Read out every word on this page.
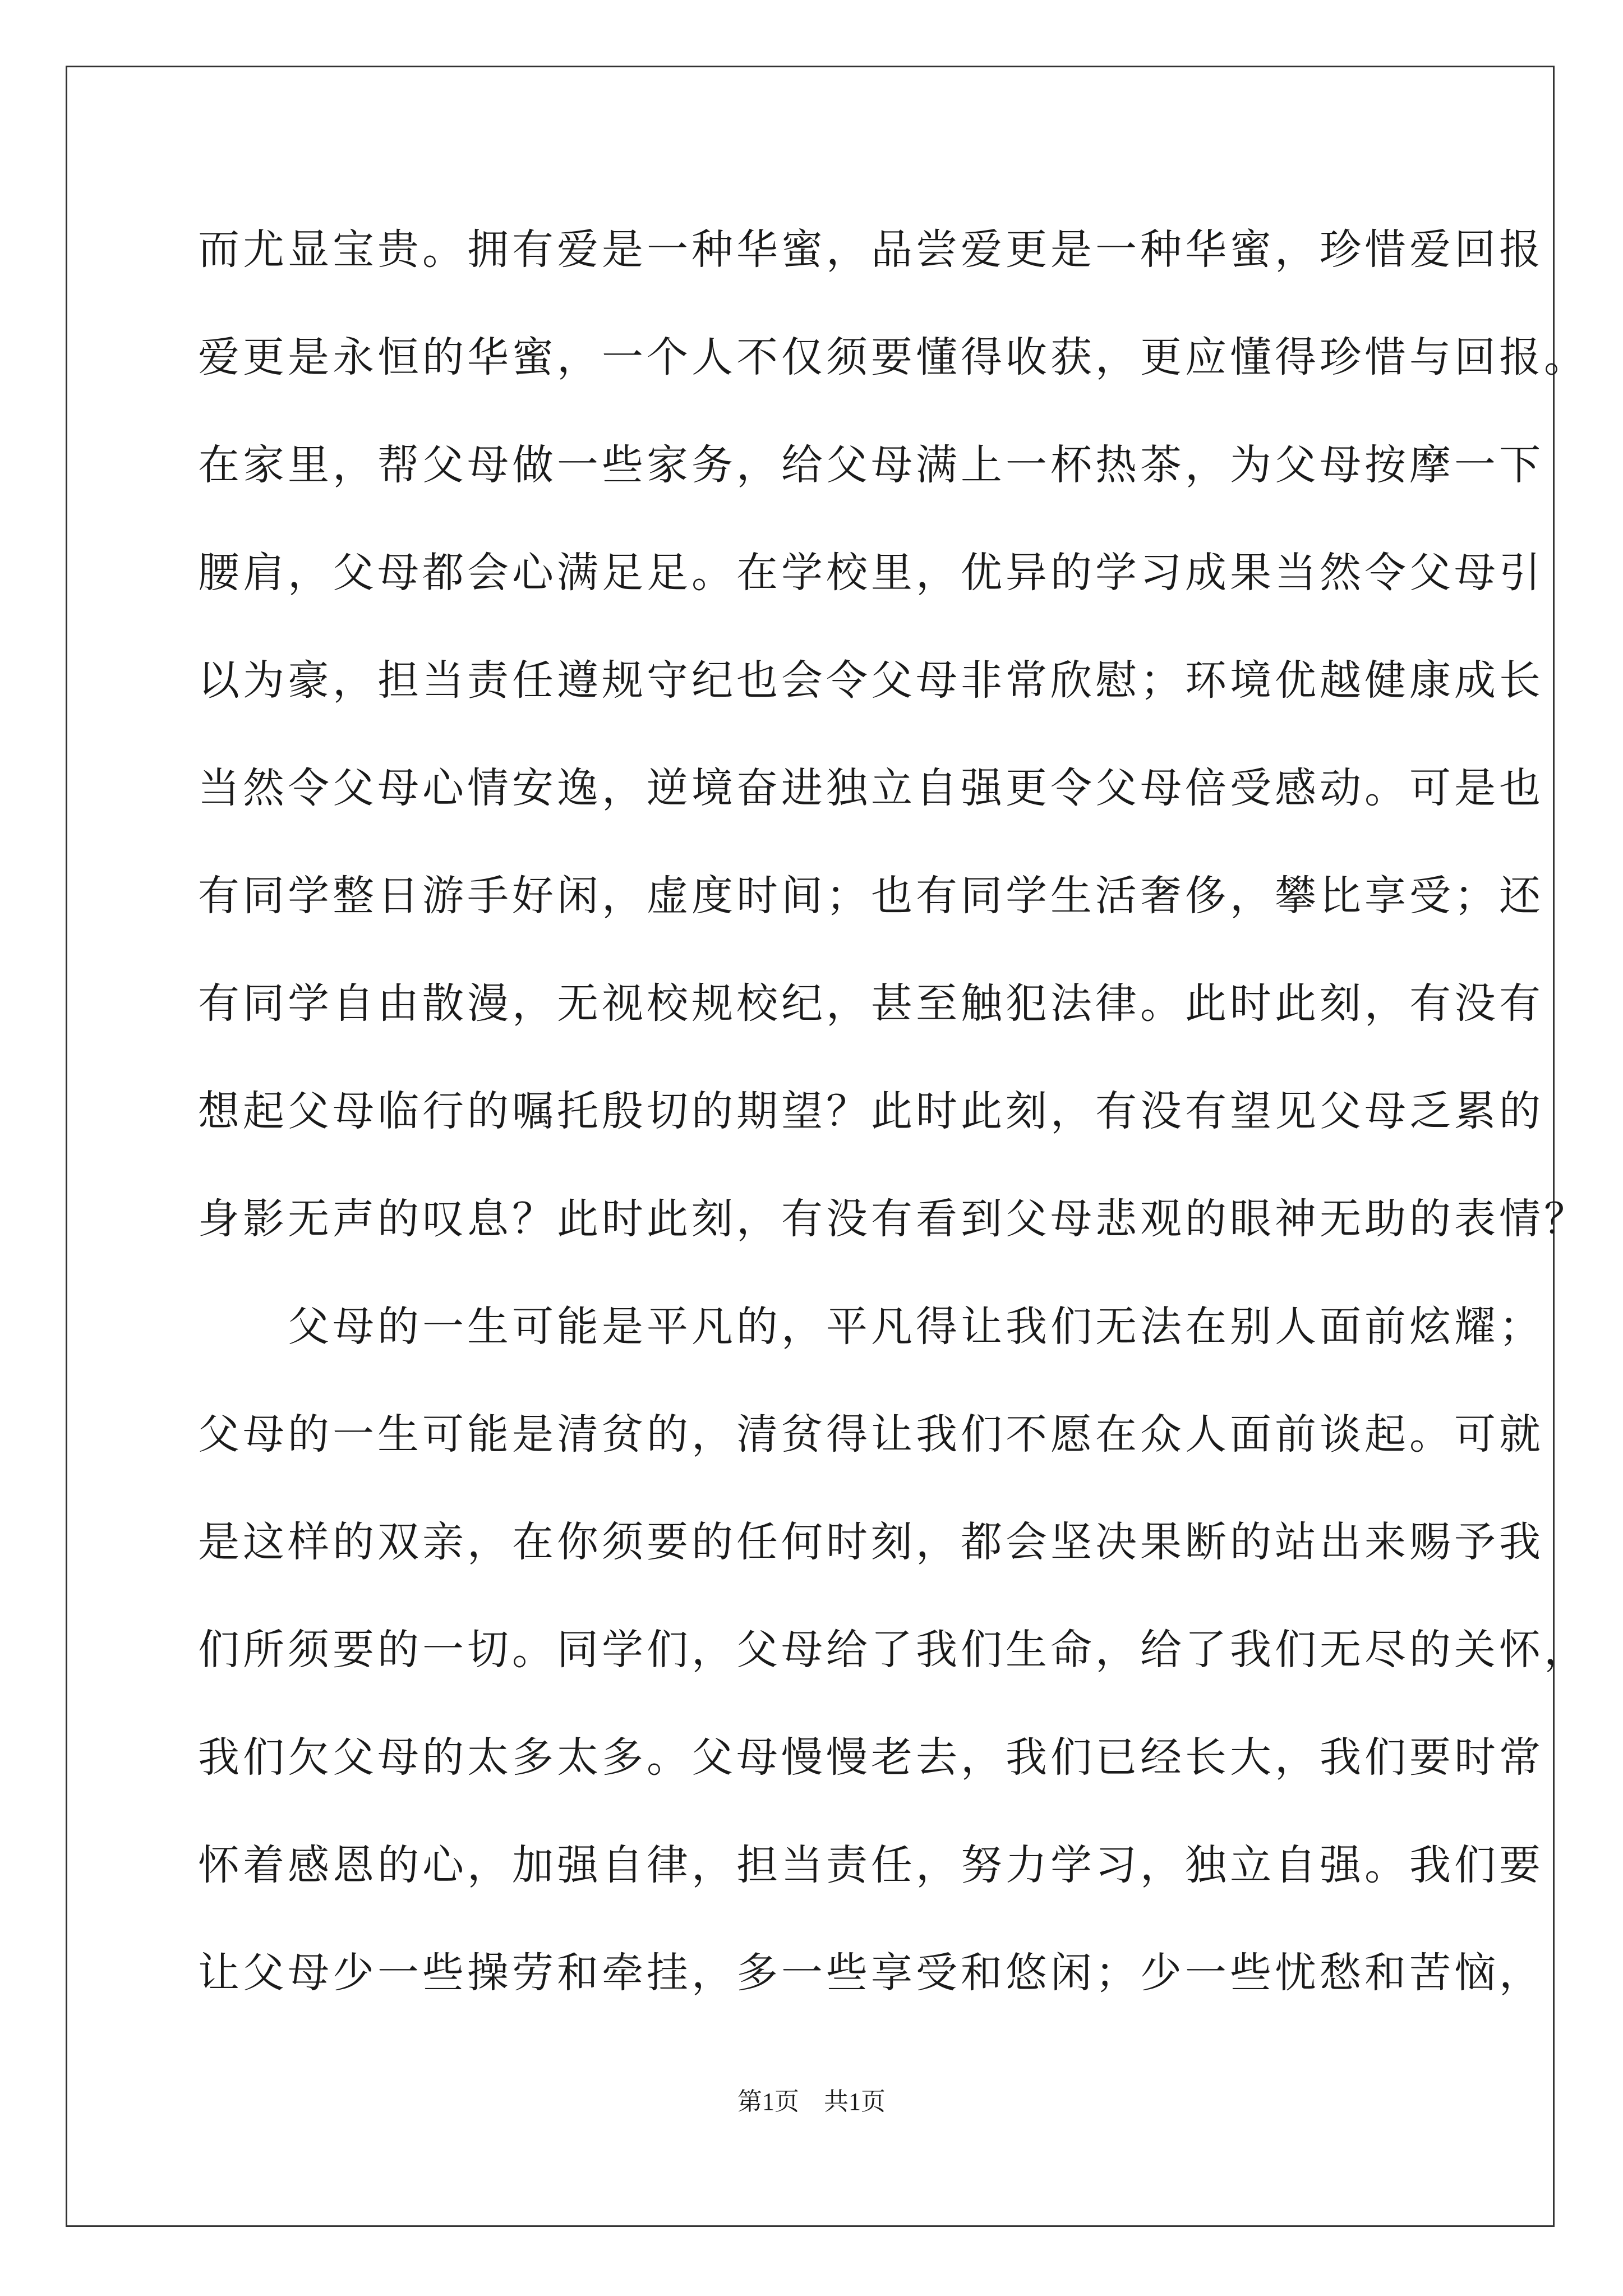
而尤显宝贵。拥有爱是一种华蜜，品尝爱更是一种华蜜，珍惜爱回报

爱更是永恒的华蜜，一个人不仅须要懂得收获，更应懂得珍惜与回报。

在家里，帮父母做一些家务，给父母满上一杯热茶，为父母按摩一下

腰肩，父母都会心满足足。在学校里，优异的学习成果当然令父母引

以为豪，担当责任遵规守纪也会令父母非常欣慰；环境优越健康成长

当然令父母心情安逸，逆境奋进独立自强更令父母倍受感动。可是也

有同学整日游手好闲，虚度时间；也有同学生活奢侈，攀比享受；还

有同学自由散漫，无视校规校纪，甚至触犯法律。此时此刻，有没有

想起父母临行的嘱托殷切的期望？此时此刻，有没有望见父母乏累的

身影无声的叹息？此时此刻，有没有看到父母悲观的眼神无助的表情？

　　父母的一生可能是平凡的，平凡得让我们无法在别人面前炫耀；

父母的一生可能是清贫的，清贫得让我们不愿在众人面前谈起。可就

是这样的双亲，在你须要的任何时刻，都会坚决果断的站出来赐予我

们所须要的一切。同学们，父母给了我们生命，给了我们无尽的关怀，

我们欠父母的太多太多。父母慢慢老去，我们已经长大，我们要时常

怀着感恩的心，加强自律，担当责任，努力学习，独立自强。我们要

让父母少一些操劳和牵挂，多一些享受和悠闲；少一些忧愁和苦恼，

第1页 共1页
